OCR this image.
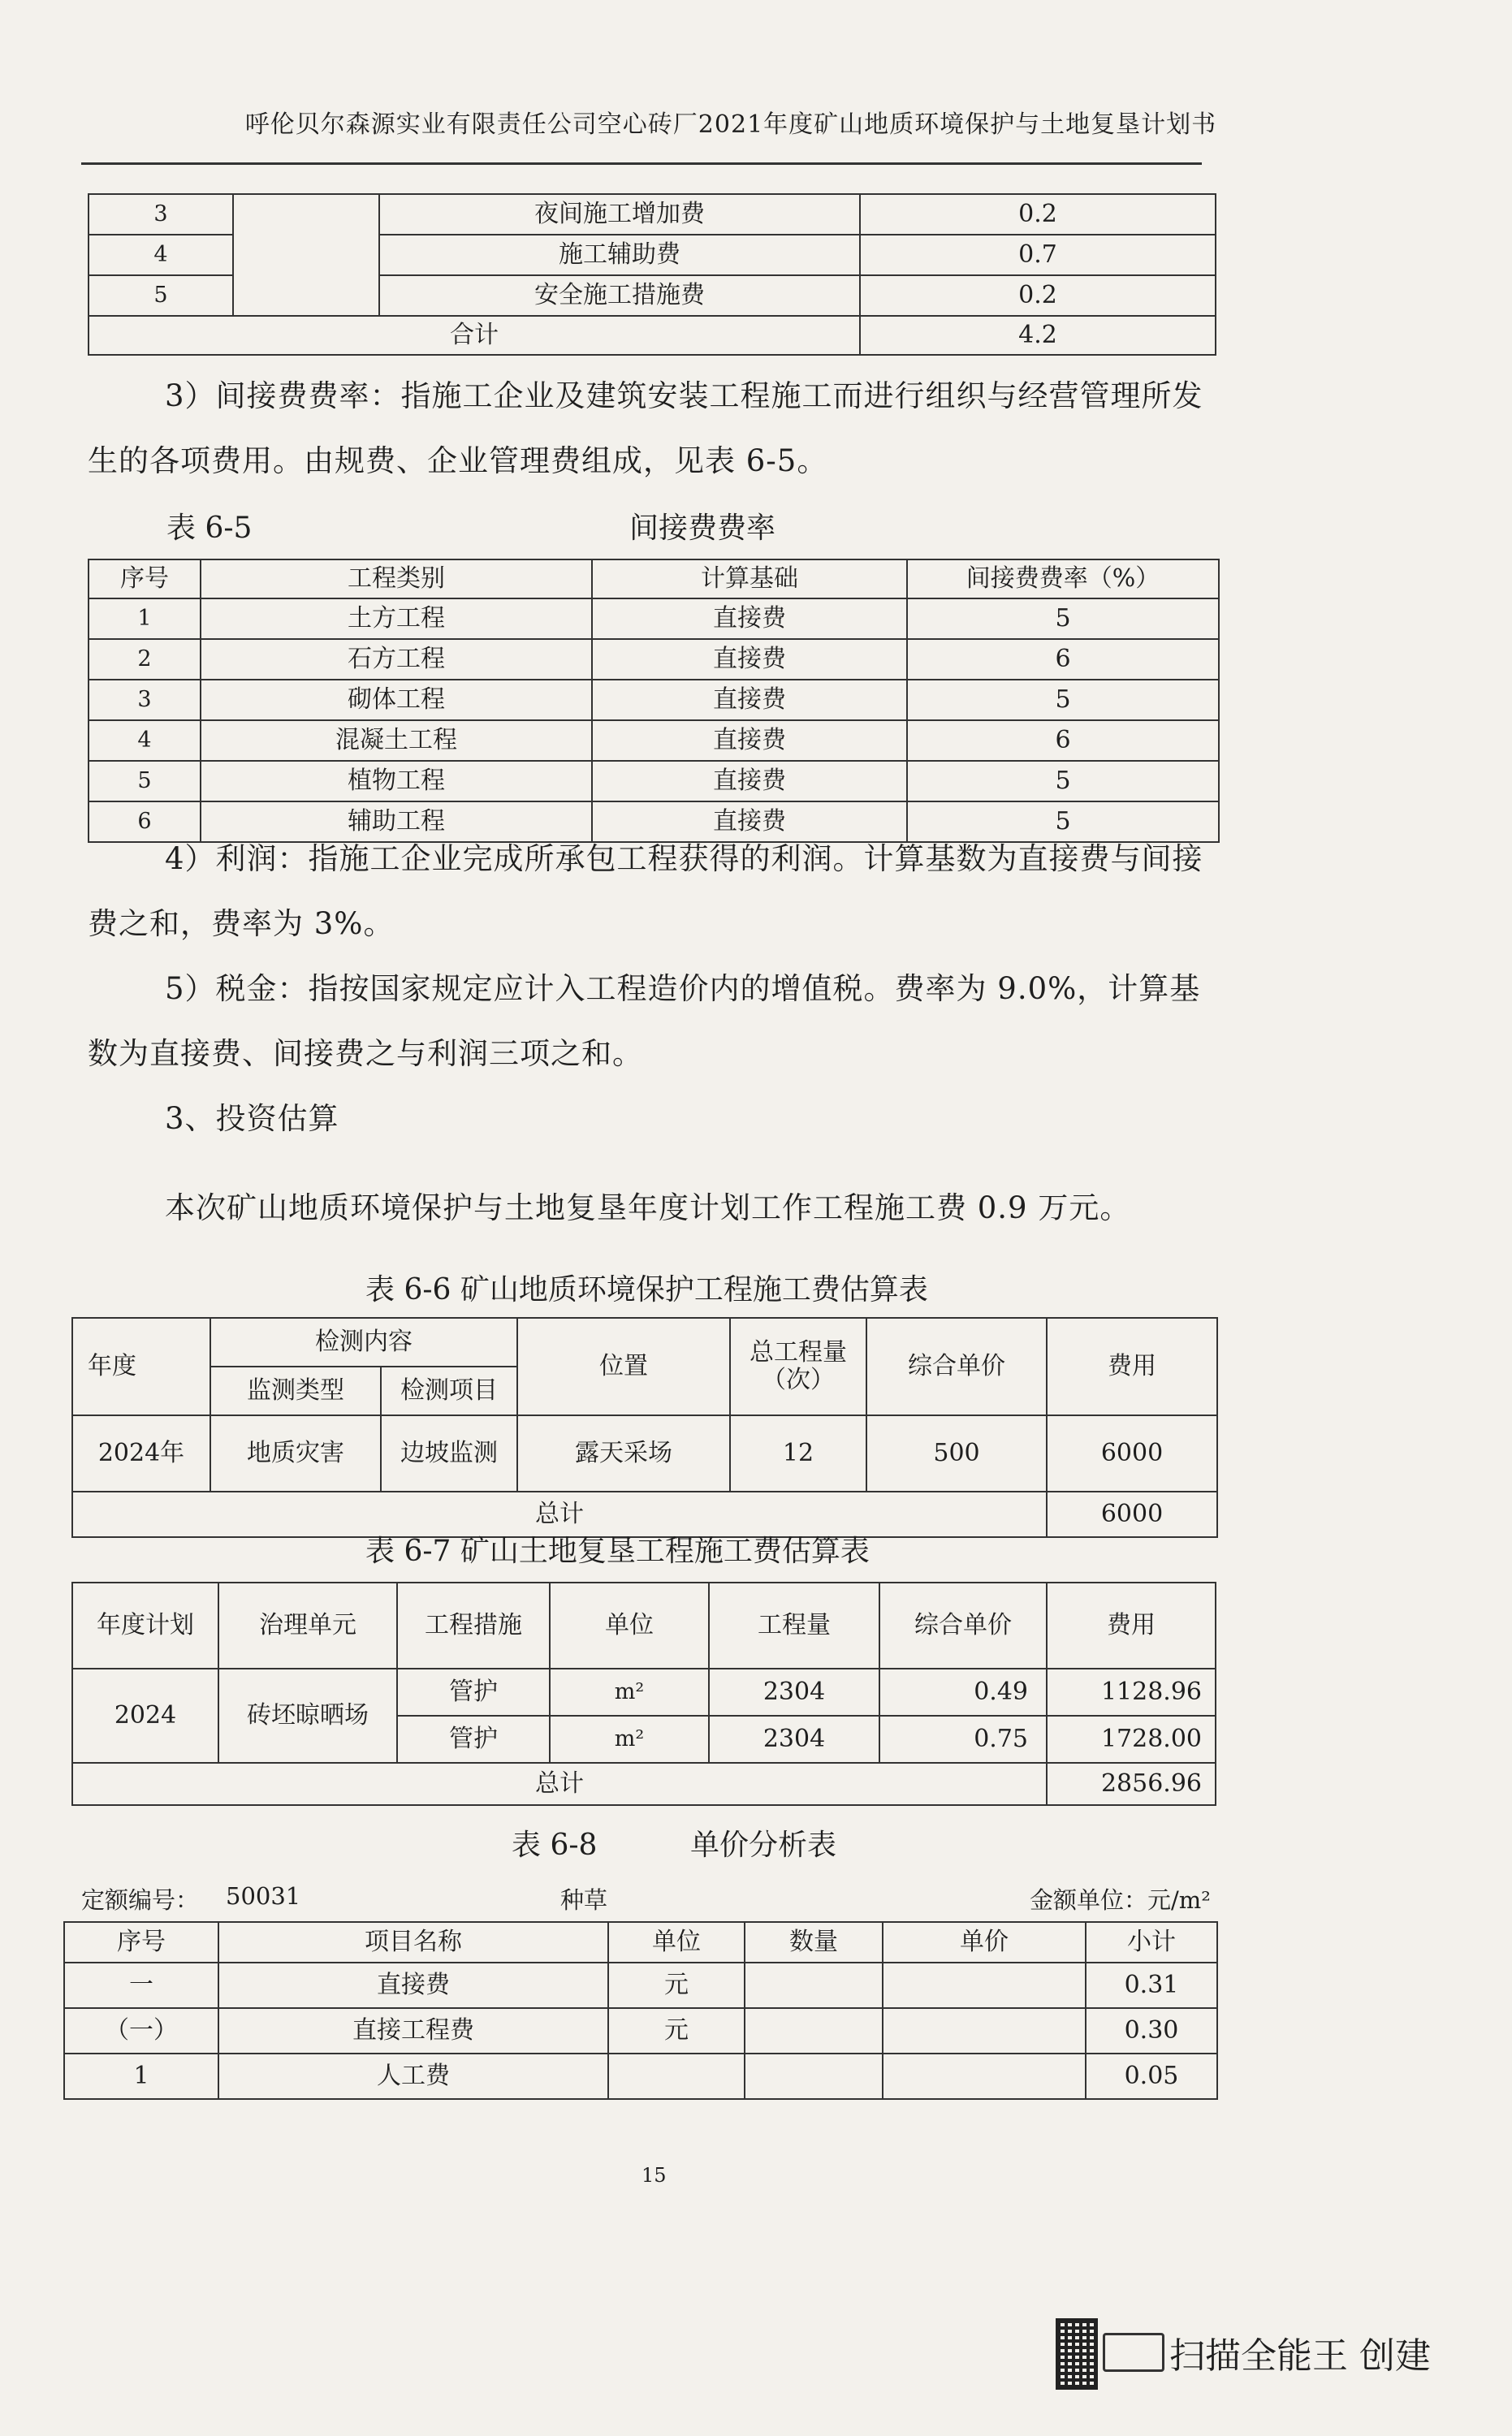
呼伦贝尔森源实业有限责任公司空心砖厂2021年度矿山地质环境保护与土地复垦计划书
3		夜间施工增加费	0.2
4		施工辅助费	0.7
5		安全施工措施费	0.2
合计			4.2
3）间接费费率：指施工企业及建筑安装工程施工而进行组织与经营管理所发生的各项费用。由规费、企业管理费组成，见表 6-5。
表 6-5	间接费费率
序号	工程类别	计算基础	间接费费率（%）
1	土方工程	直接费	5
2	石方工程	直接费	6
3	砌体工程	直接费	5
4	混凝土工程	直接费	6
5	植物工程	直接费	5
6	辅助工程	直接费	5
4）利润：指施工企业完成所承包工程获得的利润。计算基数为直接费与间接费之和，费率为 3%。
5）税金：指按国家规定应计入工程造价内的增值税。费率为 9.0%，计算基数为直接费、间接费之与利润三项之和。
3、投资估算
本次矿山地质环境保护与土地复垦年度计划工作工程施工费 0.9 万元。
表 6-6 矿山地质环境保护工程施工费估算表
年度	检测内容		位置	总工程量（次）	综合单价	费用
	监测类型	检测项目				
2024年	地质灾害	边坡监测	露天采场	12	500	6000
总计						6000
表 6-7 矿山土地复垦工程施工费估算表
年度计划	治理单元	工程措施	单位	工程量	综合单价	费用
2024	砖坯晾晒场	管护	m²	2304	0.49	1128.96
		管护	m²	2304	0.75	1728.00
总计						2856.96
表 6-8	单价分析表
定额编号： 50031	种草	金额单位：元/m²
序号	项目名称	单位	数量	单价	小计
一	直接费	元			0.31
（一）	直接工程费	元			0.30
1	人工费				0.05
15
扫描全能王 创建
